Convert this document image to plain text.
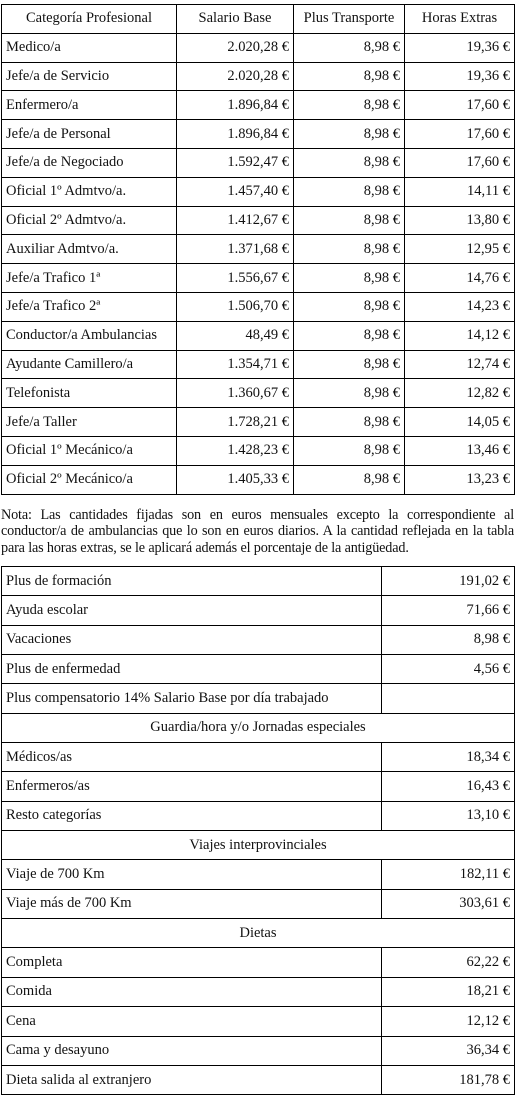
Categoría Profesional	Salario Base	Plus Transporte	Horas Extras
Medico/a	2.020,28 €	8,98 €	19,36 €
Jefe/a de Servicio	2.020,28 €	8,98 €	19,36 €
Enfermero/a	1.896,84 €	8,98 €	17,60 €
Jefe/a de Personal	1.896,84 €	8,98 €	17,60 €
Jefe/a de Negociado	1.592,47 €	8,98 €	17,60 €
Oficial 1º Admtvo/a.	1.457,40 €	8,98 €	14,11 €
Oficial 2º Admtvo/a.	1.412,67 €	8,98 €	13,80 €
Auxiliar Admtvo/a.	1.371,68 €	8,98 €	12,95 €
Jefe/a Trafico 1ª	1.556,67 €	8,98 €	14,76 €
Jefe/a Trafico 2ª	1.506,70 €	8,98 €	14,23 €
Conductor/a Ambulancias	48,49 €	8,98 €	14,12 €
Ayudante Camillero/a	1.354,71 €	8,98 €	12,74 €
Telefonista	1.360,67 €	8,98 €	12,82 €
Jefe/a Taller	1.728,21 €	8,98 €	14,05 €
Oficial 1º Mecánico/a	1.428,23 €	8,98 €	13,46 €
Oficial 2º Mecánico/a	1.405,33 €	8,98 €	13,23 €
Nota: Las cantidades fijadas son en euros mensuales excepto la correspondiente al conductor/a de ambulancias que lo son en euros diarios. A la cantidad reflejada en la tabla para las horas extras, se le aplicará además el porcentaje de la antigüedad.
Plus de formación	191,02 €
Ayuda escolar	71,66 €
Vacaciones	8,98 €
Plus de enfermedad	4,56 €
Plus compensatorio 14% Salario Base por día trabajado	
Guardia/hora y/o Jornadas especiales	
Médicos/as	18,34 €
Enfermeros/as	16,43 €
Resto categorías	13,10 €
Viajes interprovinciales	
Viaje de 700 Km	182,11 €
Viaje más de 700 Km	303,61 €
Dietas	
Completa	62,22 €
Comida	18,21 €
Cena	12,12 €
Cama y desayuno	36,34 €
Dieta salida al extranjero	181,78 €
